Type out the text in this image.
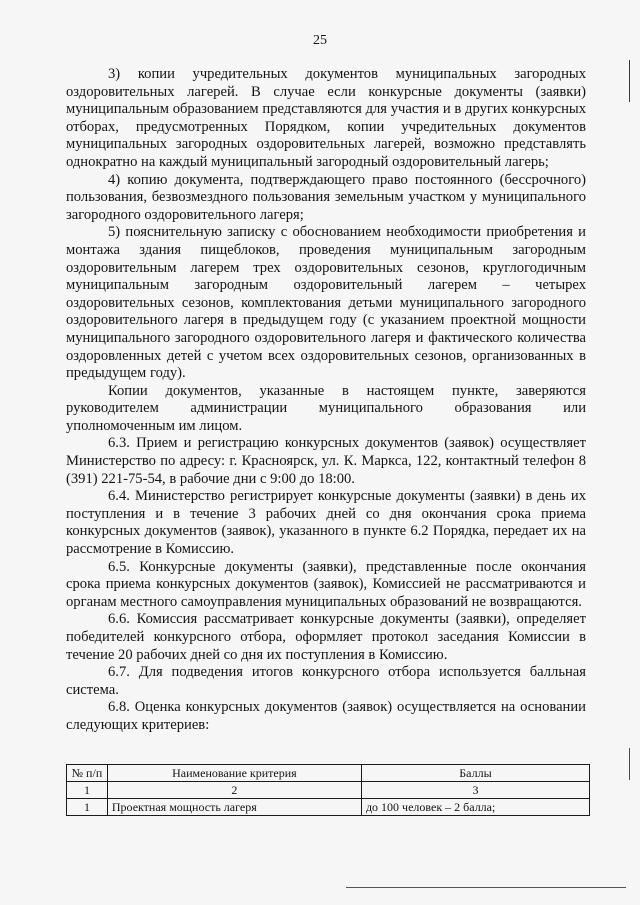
25

3) копии учредительных документов муниципальных загородных оздоровительных лагерей. В случае если конкурсные документы (заявки) муниципальным образованием представляются для участия и в других конкурсных отборах, предусмотренных Порядком, копии учредительных документов муниципальных загородных оздоровительных лагерей, возможно представлять однократно на каждый муниципальный загородный оздоровительный лагерь;

4) копию документа, подтверждающего право постоянного (бессрочного) пользования, безвозмездного пользования земельным участком у муниципального загородного оздоровительного лагеря;

5) пояснительную записку с обоснованием необходимости приобретения и монтажа здания пищеблоков, проведения муниципальным загородным оздоровительным лагерем трех оздоровительных сезонов, круглогодичным муниципальным загородным оздоровительный лагерем – четырех оздоровительных сезонов, комплектования детьми муниципального загородного оздоровительного лагеря в предыдущем году (с указанием проектной мощности муниципального загородного оздоровительного лагеря и фактического количества оздоровленных детей с учетом всех оздоровительных сезонов, организованных в предыдущем году).

Копии документов, указанные в настоящем пункте, заверяются руководителем администрации муниципального образования или уполномоченным им лицом.

6.3. Прием и регистрацию конкурсных документов (заявок) осуществляет Министерство по адресу: г. Красноярск, ул. К. Маркса, 122, контактный телефон 8 (391) 221-75-54, в рабочие дни с 9:00 до 18:00.

6.4. Министерство регистрирует конкурсные документы (заявки) в день их поступления и в течение 3 рабочих дней со дня окончания срока приема конкурсных документов (заявок), указанного в пункте 6.2 Порядка, передает их на рассмотрение в Комиссию.

6.5. Конкурсные документы (заявки), представленные после окончания срока приема конкурсных документов (заявок), Комиссией не рассматриваются и органам местного самоуправления муниципальных образований не возвращаются.

6.6. Комиссия рассматривает конкурсные документы (заявки), определяет победителей конкурсного отбора, оформляет протокол заседания Комиссии в течение 20 рабочих дней со дня их поступления в Комиссию.

6.7. Для подведения итогов конкурсного отбора используется балльная система.

6.8. Оценка конкурсных документов (заявок) осуществляется на основании следующих критериев:

№ п/п	Наименование критерия	Баллы
1	2	3
1	Проектная мощность лагеря	до 100 человек – 2 балла;
